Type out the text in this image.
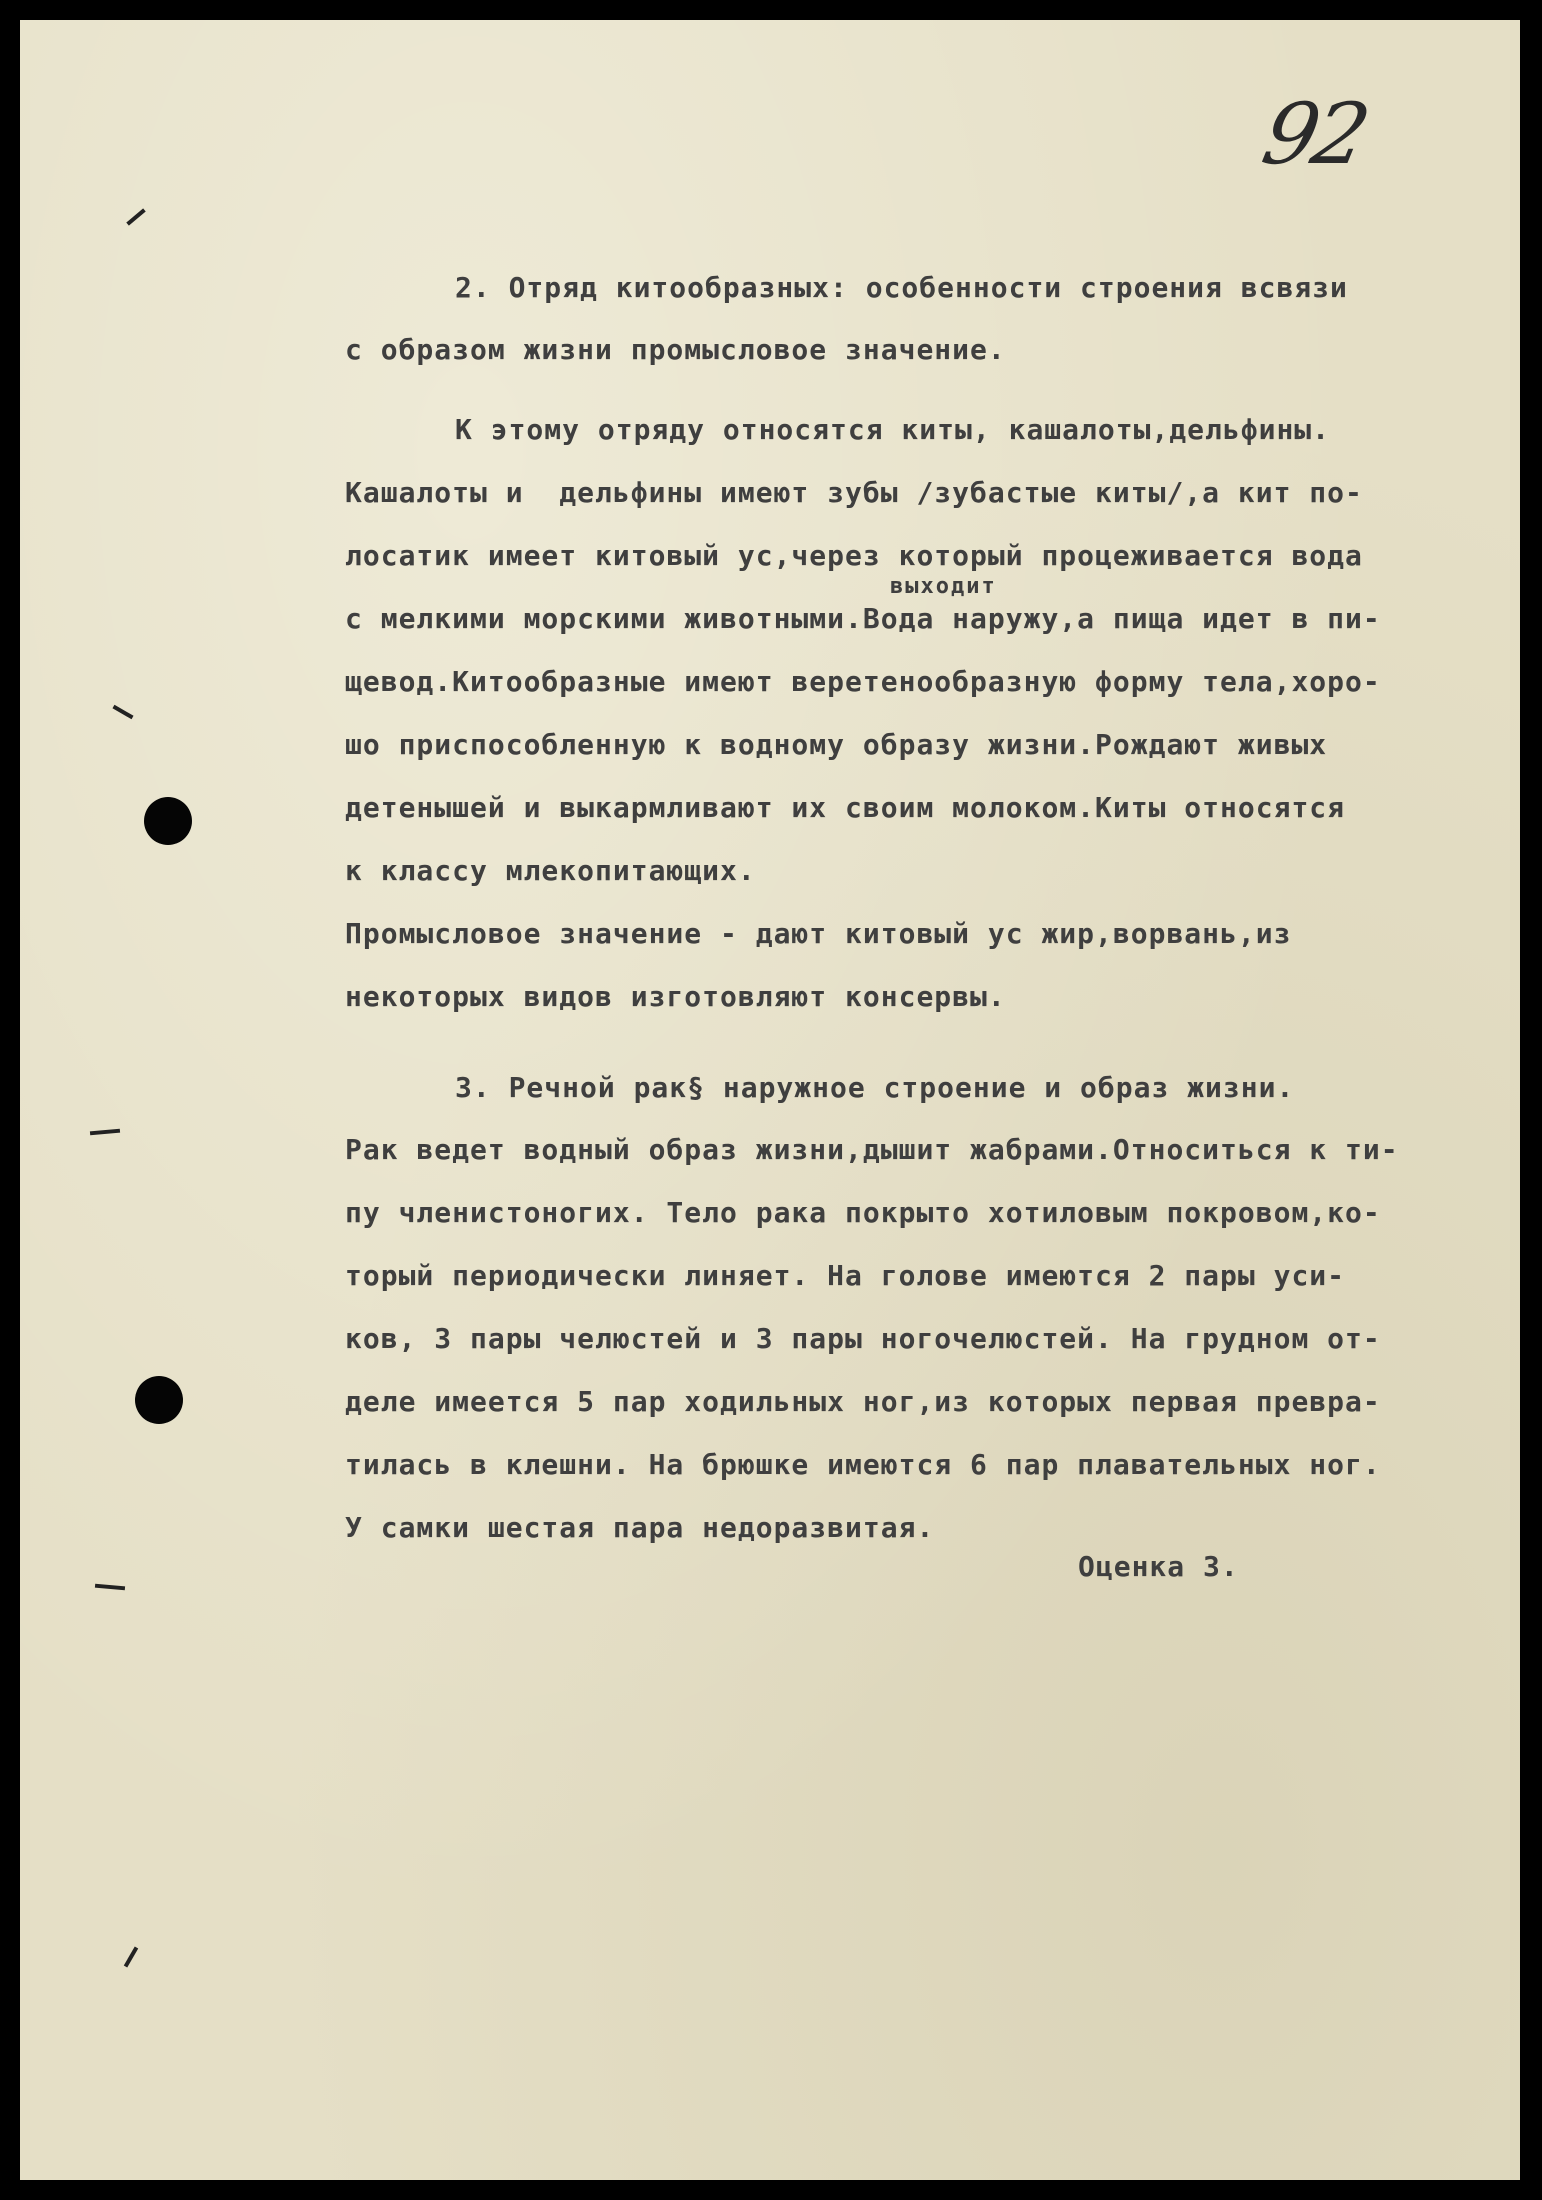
92

2. Отряд китообразных: особенности строения всвязи

с образом жизни промысловое значение.

К этому отряду относятся киты, кашалоты,дельфины.

Кашалоты и  дельфины имеют зубы /зубастые киты/,а кит по-

лосатик имеет китовый ус,через который процеживается вода

выходит

с мелкими морскими животными.Вода наружу,а пища идет в пи-

щевод.Китообразные имеют веретенообразную форму тела,хоро-

шо приспособленную к водному образу жизни.Рождают живых

детенышей и выкармливают их своим молоком.Киты относятся

к классу млекопитающих.

Промысловое значение - дают китовый ус жир,ворвань,из

некоторых видов изготовляют консервы.

3. Речной рак§ наружное строение и образ жизни.

Рак ведет водный образ жизни,дышит жабрами.Относиться к ти-

пу членистоногих. Тело рака покрыто хотиловым покровом,ко-

торый периодически линяет. На голове имеются 2 пары уси-

ков, 3 пары челюстей и 3 пары ногочелюстей. На грудном от-

деле имеется 5 пар ходильных ног,из которых первая превра-

тилась в клешни. На брюшке имеются 6 пар плавательных ног.

У самки шестая пара недоразвитая.

Оценка 3.
